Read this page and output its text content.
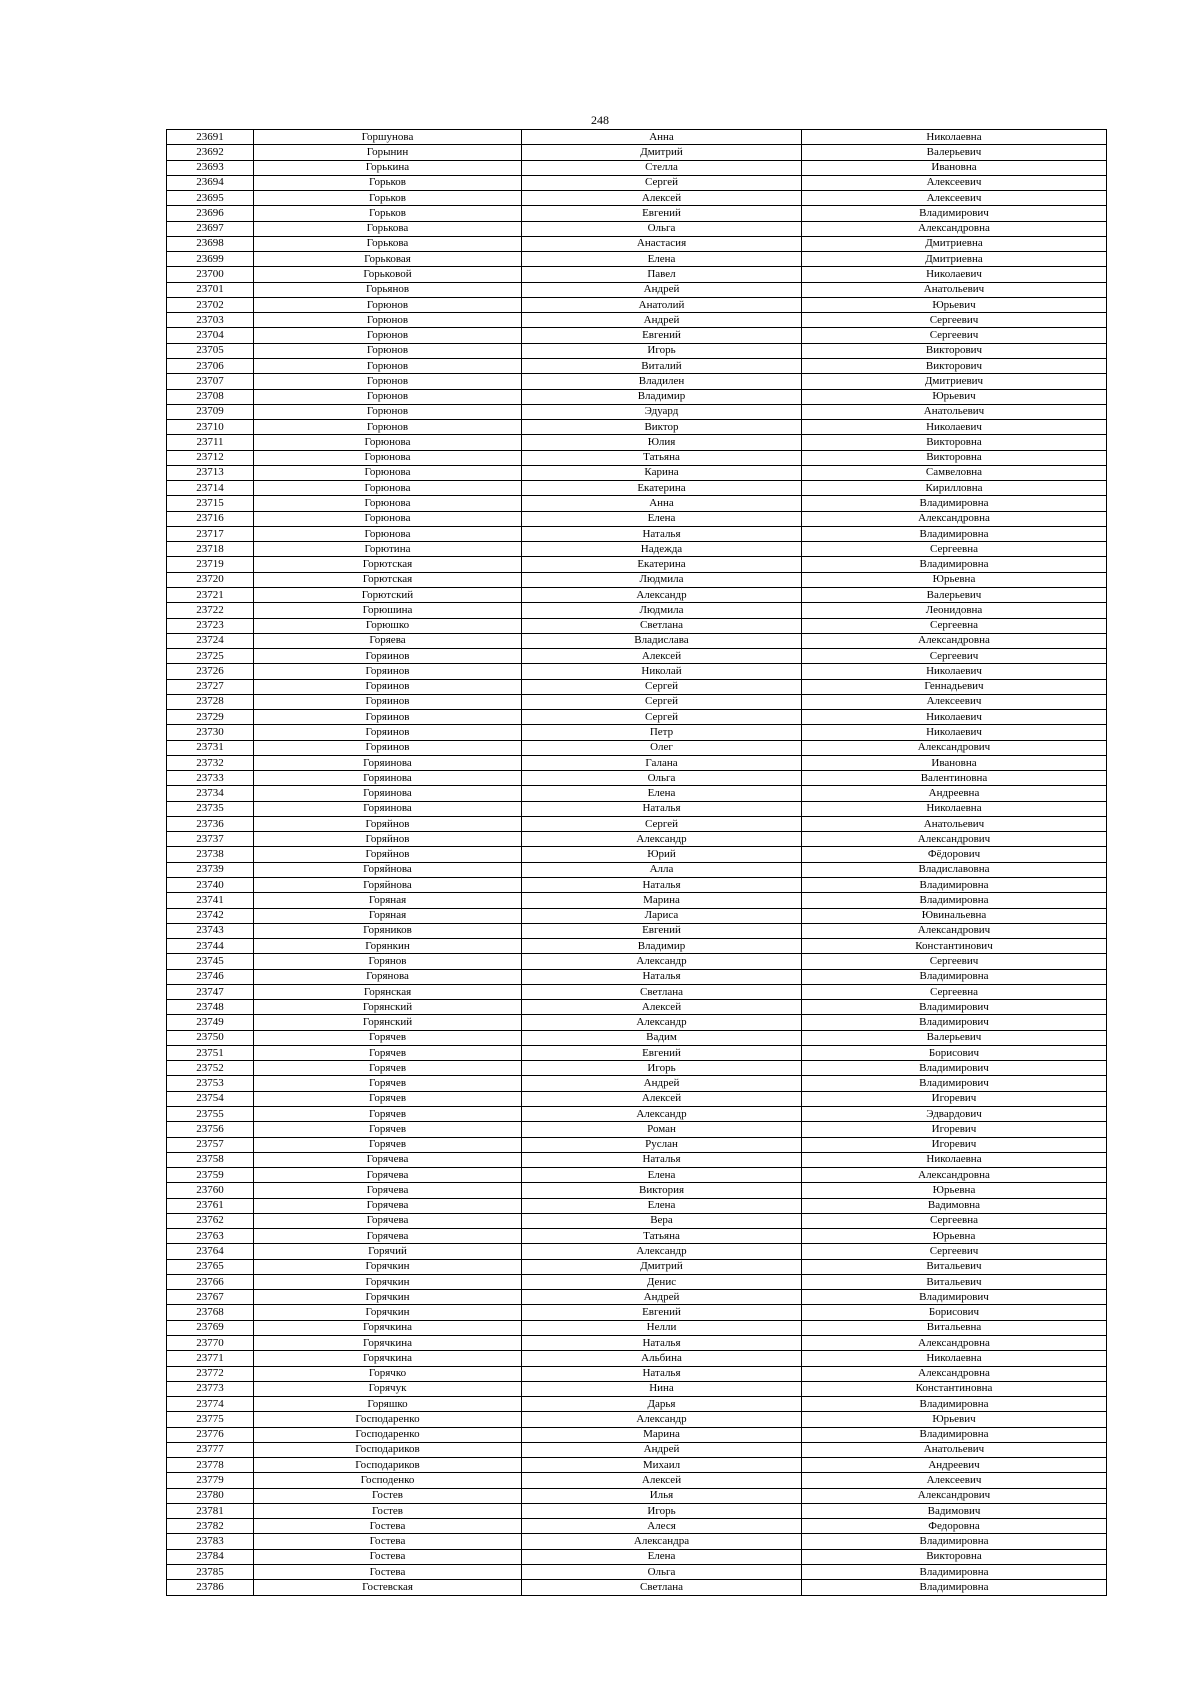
248
23691	Горшунова	Анна	Николаевна
23692	Горынин	Дмитрий	Валерьевич
23693	Горькина	Стелла	Ивановна
23694	Горьков	Сергей	Алексеевич
23695	Горьков	Алексей	Алексеевич
23696	Горьков	Евгений	Владимирович
23697	Горькова	Ольга	Александровна
23698	Горькова	Анастасия	Дмитриевна
23699	Горьковая	Елена	Дмитриевна
23700	Горьковой	Павел	Николаевич
23701	Горьянов	Андрей	Анатольевич
23702	Горюнов	Анатолий	Юрьевич
23703	Горюнов	Андрей	Сергеевич
23704	Горюнов	Евгений	Сергеевич
23705	Горюнов	Игорь	Викторович
23706	Горюнов	Виталий	Викторович
23707	Горюнов	Владилен	Дмитриевич
23708	Горюнов	Владимир	Юрьевич
23709	Горюнов	Эдуард	Анатольевич
23710	Горюнов	Виктор	Николаевич
23711	Горюнова	Юлия	Викторовна
23712	Горюнова	Татьяна	Викторовна
23713	Горюнова	Карина	Самвеловна
23714	Горюнова	Екатерина	Кирилловна
23715	Горюнова	Анна	Владимировна
23716	Горюнова	Елена	Александровна
23717	Горюнова	Наталья	Владимировна
23718	Горютина	Надежда	Сергеевна
23719	Горютская	Екатерина	Владимировна
23720	Горютская	Людмила	Юрьевна
23721	Горютский	Александр	Валерьевич
23722	Горюшина	Людмила	Леонидовна
23723	Горюшко	Светлана	Сергеевна
23724	Горяева	Владислава	Александровна
23725	Горяинов	Алексей	Сергеевич
23726	Горяинов	Николай	Николаевич
23727	Горяинов	Сергей	Геннадьевич
23728	Горяинов	Сергей	Алексеевич
23729	Горяинов	Сергей	Николаевич
23730	Горяинов	Петр	Николаевич
23731	Горяинов	Олег	Александрович
23732	Горяинова	Галана	Ивановна
23733	Горяинова	Ольга	Валентиновна
23734	Горяинова	Елена	Андреевна
23735	Горяинова	Наталья	Николаевна
23736	Горяйнов	Сергей	Анатольевич
23737	Горяйнов	Александр	Александрович
23738	Горяйнов	Юрий	Фёдорович
23739	Горяйнова	Алла	Владиславовна
23740	Горяйнова	Наталья	Владимировна
23741	Горяная	Марина	Владимировна
23742	Горяная	Лариса	Ювинальевна
23743	Горяников	Евгений	Александрович
23744	Горянкин	Владимир	Константинович
23745	Горянов	Александр	Сергеевич
23746	Горянова	Наталья	Владимировна
23747	Горянская	Светлана	Сергеевна
23748	Горянский	Алексей	Владимирович
23749	Горянский	Александр	Владимирович
23750	Горячев	Вадим	Валерьевич
23751	Горячев	Евгений	Борисович
23752	Горячев	Игорь	Владимирович
23753	Горячев	Андрей	Владимирович
23754	Горячев	Алексей	Игоревич
23755	Горячев	Александр	Эдвардович
23756	Горячев	Роман	Игоревич
23757	Горячев	Руслан	Игоревич
23758	Горячева	Наталья	Николаевна
23759	Горячева	Елена	Александровна
23760	Горячева	Виктория	Юрьевна
23761	Горячева	Елена	Вадимовна
23762	Горячева	Вера	Сергеевна
23763	Горячева	Татьяна	Юрьевна
23764	Горячий	Александр	Сергеевич
23765	Горячкин	Дмитрий	Витальевич
23766	Горячкин	Денис	Витальевич
23767	Горячкин	Андрей	Владимирович
23768	Горячкин	Евгений	Борисович
23769	Горячкина	Нелли	Витальевна
23770	Горячкина	Наталья	Александровна
23771	Горячкина	Альбина	Николаевна
23772	Горячко	Наталья	Александровна
23773	Горячук	Нина	Константиновна
23774	Горяшко	Дарья	Владимировна
23775	Господаренко	Александр	Юрьевич
23776	Господаренко	Марина	Владимировна
23777	Господариков	Андрей	Анатольевич
23778	Господариков	Михаил	Андреевич
23779	Господенко	Алексей	Алексеевич
23780	Гостев	Илья	Александрович
23781	Гостев	Игорь	Вадимович
23782	Гостева	Алеся	Федоровна
23783	Гостева	Александра	Владимировна
23784	Гостева	Елена	Викторовна
23785	Гостева	Ольга	Владимировна
23786	Гостевская	Светлана	Владимировна
